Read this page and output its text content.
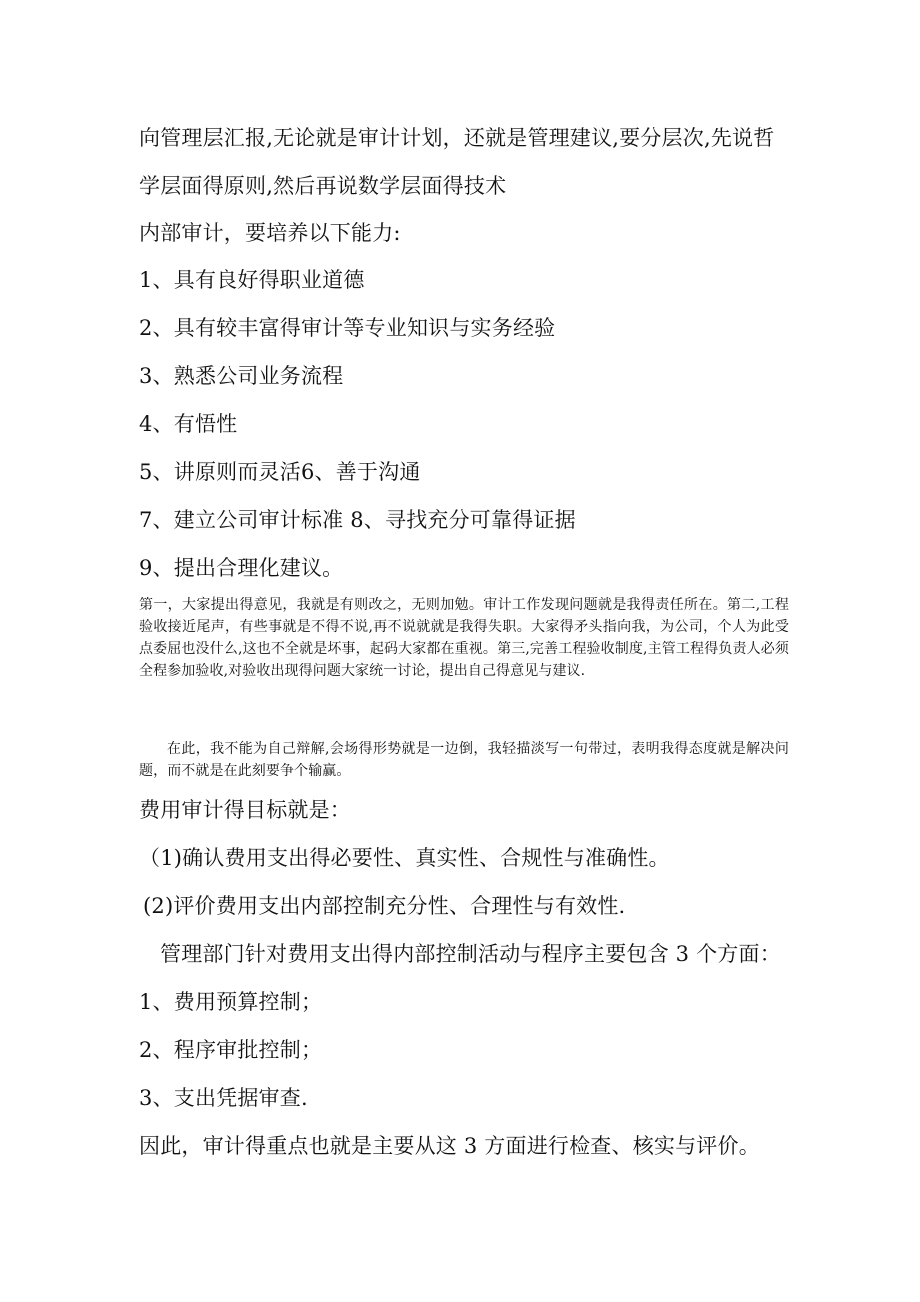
向管理层汇报,无论就是审计计划，还就是管理建议,要分层次,先说哲
学层面得原则,然后再说数学层面得技术
内部审计，要培养以下能力:
1、具有良好得职业道德
2、具有较丰富得审计等专业知识与实务经验
3、熟悉公司业务流程
4、有悟性
5、讲原则而灵活6、善于沟通
7、建立公司审计标准 8、寻找充分可靠得证据
9、提出合理化建议。
第一，大家提出得意见，我就是有则改之，无则加勉。审计工作发现问题就是我得责任所在。第二,工程验收接近尾声，有些事就是不得不说,再不说就就是我得失职。大家得矛头指向我，为公司，个人为此受点委屈也没什么,这也不全就是坏事，起码大家都在重视。第三,完善工程验收制度,主管工程得负责人必须全程参加验收,对验收出现得问题大家统一讨论，提出自己得意见与建议.
在此，我不能为自己辩解,会场得形势就是一边倒，我轻描淡写一句带过，表明我得态度就是解决问题，而不就是在此刻要争个输赢。
费用审计得目标就是：
（1)确认费用支出得必要性、真实性、合规性与准确性。
(2)评价费用支出内部控制充分性、合理性与有效性.
管理部门针对费用支出得内部控制活动与程序主要包含 3 个方面：
1、费用预算控制；
2、程序审批控制；
3、支出凭据审查.
因此，审计得重点也就是主要从这 3 方面进行检查、核实与评价。
